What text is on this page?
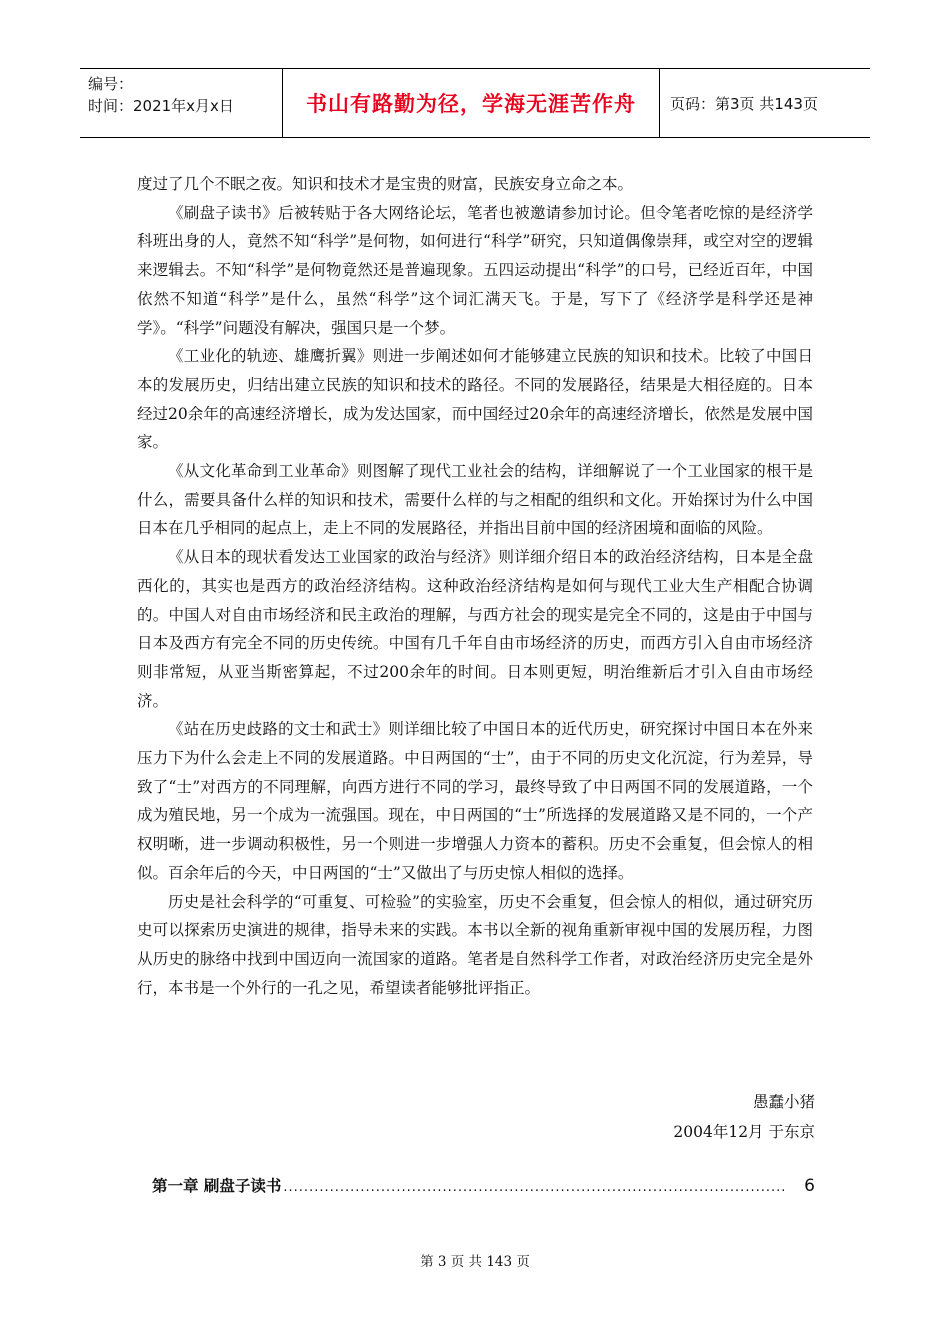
编号：
时间：2021年x月x日	书山有路勤为径，学海无涯苦作舟	页码：第3页 共143页

度过了几个不眠之夜。知识和技术才是宝贵的财富，民族安身立命之本。

《刷盘子读书》后被转贴于各大网络论坛，笔者也被邀请参加讨论。但令笔者吃惊的是经济学科班出身的人，竟然不知“科学”是何物，如何进行“科学”研究，只知道偶像崇拜，或空对空的逻辑来逻辑去。不知“科学”是何物竟然还是普遍现象。五四运动提出“科学”的口号，已经近百年，中国依然不知道“科学”是什么，虽然“科学”这个词汇满天飞。于是，写下了《经济学是科学还是神学》。“科学”问题没有解决，强国只是一个梦。

《工业化的轨迹、雄鹰折翼》则进一步阐述如何才能够建立民族的知识和技术。比较了中国日本的发展历史，归结出建立民族的知识和技术的路径。不同的发展路径，结果是大相径庭的。日本经过20余年的高速经济增长，成为发达国家，而中国经过20余年的高速经济增长，依然是发展中国家。

《从文化革命到工业革命》则图解了现代工业社会的结构，详细解说了一个工业国家的根干是什么，需要具备什么样的知识和技术，需要什么样的与之相配的组织和文化。开始探讨为什么中国日本在几乎相同的起点上，走上不同的发展路径，并指出目前中国的经济困境和面临的风险。

《从日本的现状看发达工业国家的政治与经济》则详细介绍日本的政治经济结构，日本是全盘西化的，其实也是西方的政治经济结构。这种政治经济结构是如何与现代工业大生产相配合协调的。中国人对自由市场经济和民主政治的理解，与西方社会的现实是完全不同的，这是由于中国与日本及西方有完全不同的历史传统。中国有几千年自由市场经济的历史，而西方引入自由市场经济则非常短，从亚当斯密算起，不过200余年的时间。日本则更短，明治维新后才引入自由市场经济。

《站在历史歧路的文士和武士》则详细比较了中国日本的近代历史，研究探讨中国日本在外来压力下为什么会走上不同的发展道路。中日两国的“士”，由于不同的历史文化沉淀，行为差异，导致了“士”对西方的不同理解，向西方进行不同的学习，最终导致了中日两国不同的发展道路，一个成为殖民地，另一个成为一流强国。现在，中日两国的“士”所选择的发展道路又是不同的，一个产权明晰，进一步调动积极性，另一个则进一步增强人力资本的蓄积。历史不会重复，但会惊人的相似。百余年后的今天，中日两国的“士”又做出了与历史惊人相似的选择。

历史是社会科学的“可重复、可检验”的实验室，历史不会重复，但会惊人的相似，通过研究历史可以探索历史演进的规律，指导未来的实践。本书以全新的视角重新审视中国的发展历程，力图从历史的脉络中找到中国迈向一流国家的道路。笔者是自然科学工作者，对政治经济历史完全是外行，本书是一个外行的一孔之见，希望读者能够批评指正。

愚蠢小猪
2004年12月 于东京
第一章 刷盘子读书 ..................................................................................................	6
第 3 页 共 143 页
